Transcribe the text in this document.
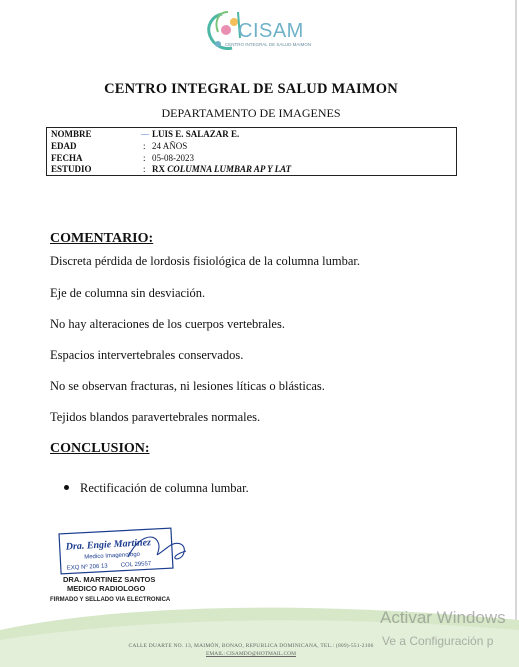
CISAM
CENTRO INTEGRAL DE SALUD MAIMON
CENTRO INTEGRAL DE SALUD MAIMON
DEPARTAMENTO DE IMAGENES
NOMBRE	﹏ LUIS E. SALAZAR E.
EDAD	: 24 AÑOS
FECHA	: 05-08-2023
ESTUDIO	: RX COLUMNA LUMBAR AP Y LAT
COMENTARIO:
Discreta pérdida de lordosis fisiológica de la columna lumbar.
Eje de columna sin desviación.
No hay alteraciones de los cuerpos vertebrales.
Espacios intervertebrales conservados.
No se observan fracturas, ni lesiones líticas o blásticas.
Tejidos blandos paravertebrales normales.
CONCLUSION:
Rectificación de columna lumbar.
Dra. Engie Martinez
Medico Imagenologo
EXQ Nº 206 13 COL 29557
DRA. MARTINEZ SANTOS
MEDICO RADIOLOGO
FIRMADO Y SELLADO VIA ELECTRONICA
CALLE DUARTE NO. 13, MAIMÓN, BONAO, REPUBLICA DOMINICANA, TEL.: (809)-551-2106
EMAIL: CISAMDO@HOTMAIL.COM
Activar Windows
Ve a Configuración p
